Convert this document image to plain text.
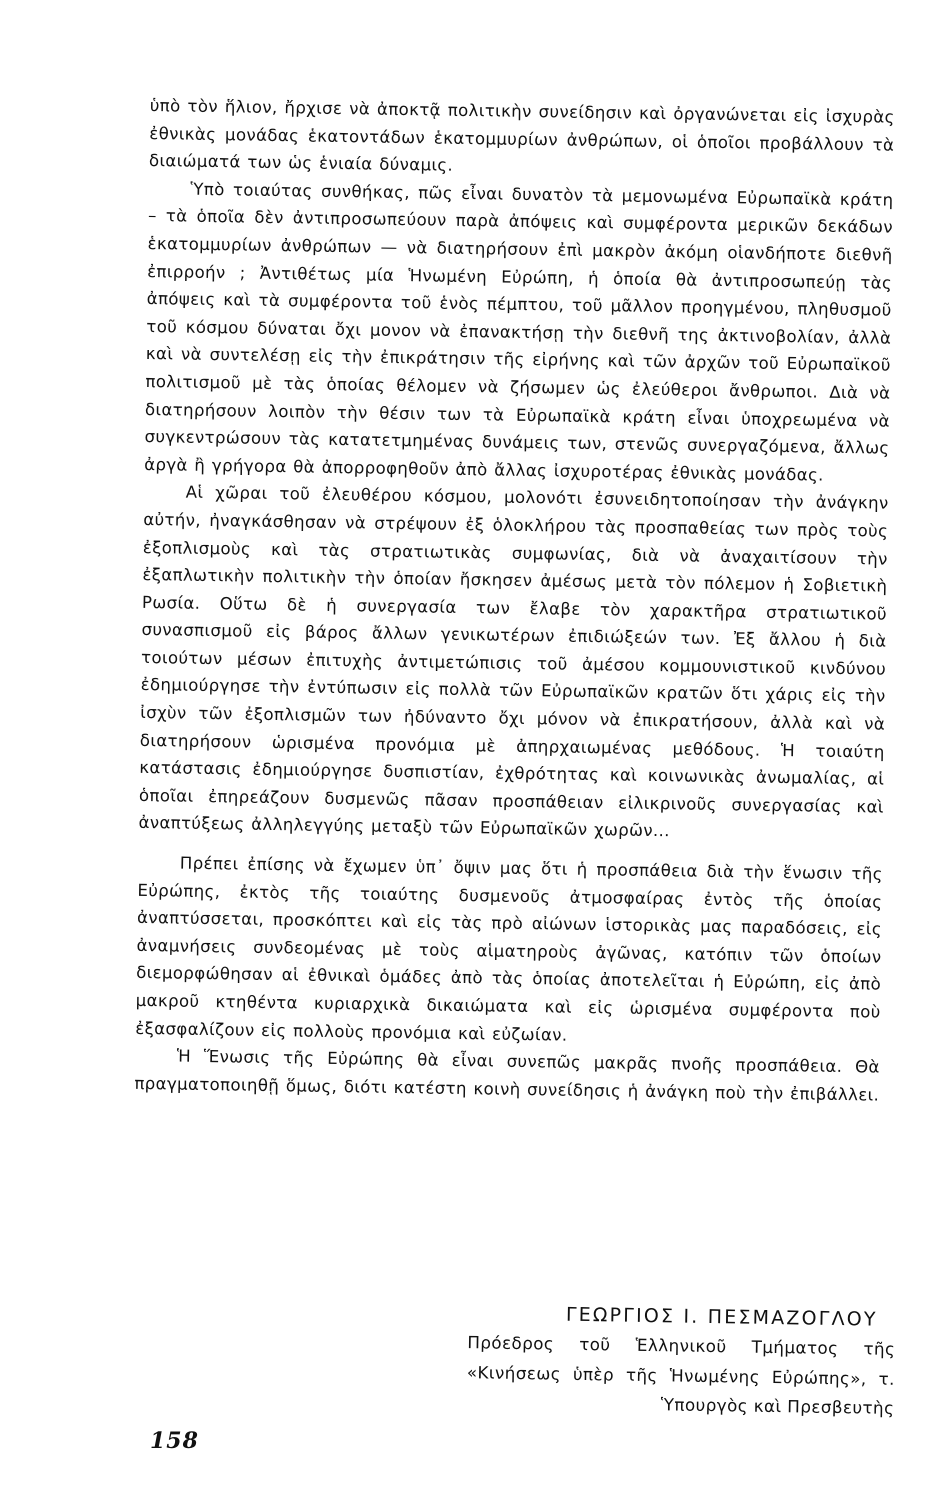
ὑπὸ τὸν ἥλιον, ἤρχισε νὰ ἀποκτᾷ πολιτικὴν συνείδησιν καὶ ὀργανώνεται εἰς ἰσχυρὰς ἐθνικὰς μονάδας ἑκατοντάδων ἑκατομμυρίων ἀνθρώπων, οἱ ὁποῖοι προβάλλουν τὰ διαιώματά των ὡς ἑνιαία δύναμις.

Ὑπὸ τοιαύτας συνθήκας, πῶς εἶναι δυνατὸν τὰ μεμονωμένα Εὐρωπαϊκὰ κράτη – τὰ ὁποῖα δὲν ἀντιπροσωπεύουν παρὰ ἀπόψεις καὶ συμφέροντα μερικῶν δεκάδων ἑκατομμυρίων ἀνθρώπων — νὰ διατηρήσουν ἐπὶ μακρὸν ἀκόμη οἱανδήποτε διεθνῆ ἐπιρροήν ; Ἀντιθέτως μία Ἡνωμένη Εὐρώπη, ἡ ὁποία θὰ ἀντιπροσωπεύῃ τὰς ἀπόψεις καὶ τὰ συμφέροντα τοῦ ἑνὸς πέμπτου, τοῦ μᾶλλον προηγμένου, πληθυσμοῦ τοῦ κόσμου δύναται ὄχι μονον νὰ ἐπανακτήσῃ τὴν διεθνῆ της ἀκτινοβολίαν, ἀλλὰ καὶ νὰ συντελέσῃ εἰς τὴν ἐπικράτησιν τῆς εἰρήνης καὶ τῶν ἀρχῶν τοῦ Εὐρωπαϊκοῦ πολιτισμοῦ μὲ τὰς ὁποίας θέλομεν νὰ ζήσωμεν ὡς ἐλεύθεροι ἄνθρωποι. Διὰ νὰ διατηρήσουν λοιπὸν τὴν θέσιν των τὰ Εὐρωπαϊκὰ κράτη εἶναι ὑποχρεωμένα νὰ συγκεντρώσουν τὰς κατατετμημένας δυνάμεις των, στενῶς συνεργαζόμενα, ἄλλως ἀργὰ ἢ γρήγορα θὰ ἀπορροφηθοῦν ἀπὸ ἄλλας ἰσχυροτέρας ἐθνικὰς μονάδας.

Αἱ χῶραι τοῦ ἐλευθέρου κόσμου, μολονότι ἐσυνειδητοποίησαν τὴν ἀνάγκην αὐτήν, ἠναγκάσθησαν νὰ στρέψουν ἐξ ὁλοκλήρου τὰς προσπαθείας των πρὸς τοὺς ἐξοπλισμοὺς καὶ τὰς στρατιωτικὰς συμφωνίας, διὰ νὰ ἀναχαιτίσουν τὴν ἐξαπλωτικὴν πολιτικὴν τὴν ὁποίαν ἤσκησεν ἀμέσως μετὰ τὸν πόλεμον ἡ Σοβιετικὴ Ρωσία. Οὕτω δὲ ἡ συνεργασία των ἔλαβε τὸν χαρακτῆρα στρατιωτικοῦ συνασπισμοῦ εἰς βάρος ἄλλων γενικωτέρων ἐπιδιώξεών των. Ἐξ ἄλλου ἡ διὰ τοιούτων μέσων ἐπιτυχὴς ἀντιμετώπισις τοῦ ἀμέσου κομμουνιστικοῦ κινδύνου ἐδημιούργησε τὴν ἐντύπωσιν εἰς πολλὰ τῶν Εὐρωπαϊκῶν κρατῶν ὅτι χάρις εἰς τὴν ἰσχὺν τῶν ἐξοπλισμῶν των ἠδύναντο ὄχι μόνον νὰ ἐπικρατήσουν, ἀλλὰ καὶ νὰ διατηρήσουν ὡρισμένα προνόμια μὲ ἀπηρχαιωμένας μεθόδους. Ἡ τοιαύτη κατάστασις ἐδημιούργησε δυσπιστίαν, ἐχθρότητας καὶ κοινωνικὰς ἀνωμαλίας, αἱ ὁποῖαι ἐπηρεάζουν δυσμενῶς πᾶσαν προσπάθειαν εἰλικρινοῦς συνεργασίας καὶ ἀναπτύξεως ἀλληλεγγύης μεταξὺ τῶν Εὐρωπαϊκῶν χωρῶν...

Πρέπει ἐπίσης νὰ ἔχωμεν ὑπ᾿ ὄψιν μας ὅτι ἡ προσπάθεια διὰ τὴν ἕνωσιν τῆς Εὐρώπης, ἐκτὸς τῆς τοιαύτης δυσμενοῦς ἀτμοσφαίρας ἐντὸς τῆς ὁποίας ἀναπτύσσεται, προσκόπτει καὶ εἰς τὰς πρὸ αἰώνων ἱστορικὰς μας παραδόσεις, εἰς ἀναμνήσεις συνδεομένας μὲ τοὺς αἱματηροὺς ἀγῶνας, κατόπιν τῶν ὁποίων διεμορφώθησαν αἱ ἐθνικαὶ ὁμάδες ἀπὸ τὰς ὁποίας ἀποτελεῖται ἡ Εὐρώπη, εἰς ἀπὸ μακροῦ κτηθέντα κυριαρχικὰ δικαιώματα καὶ εἰς ὡρισμένα συμφέροντα ποὺ ἐξασφαλίζουν εἰς πολλοὺς προνόμια καὶ εὐζωίαν.

Ἡ Ἕνωσις τῆς Εὐρώπης θὰ εἶναι συνεπῶς μακρᾶς πνοῆς προσπάθεια. Θὰ πραγματοποιηθῇ ὅμως, διότι κατέστη κοινὴ συνείδησις ἡ ἀνάγκη ποὺ τὴν ἐπιβάλλει.

ΓΕΩΡΓΙΟΣ Ι. ΠΕΣΜΑΖΟΓΛΟΥ
Πρόεδρος τοῦ Ἑλληνικοῦ Τμήματος τῆς «Κινήσεως ὑπὲρ τῆς Ἡνωμένης Εὐρώπης», τ. Ὑπουργὸς καὶ Πρεσβευτὴς
158
